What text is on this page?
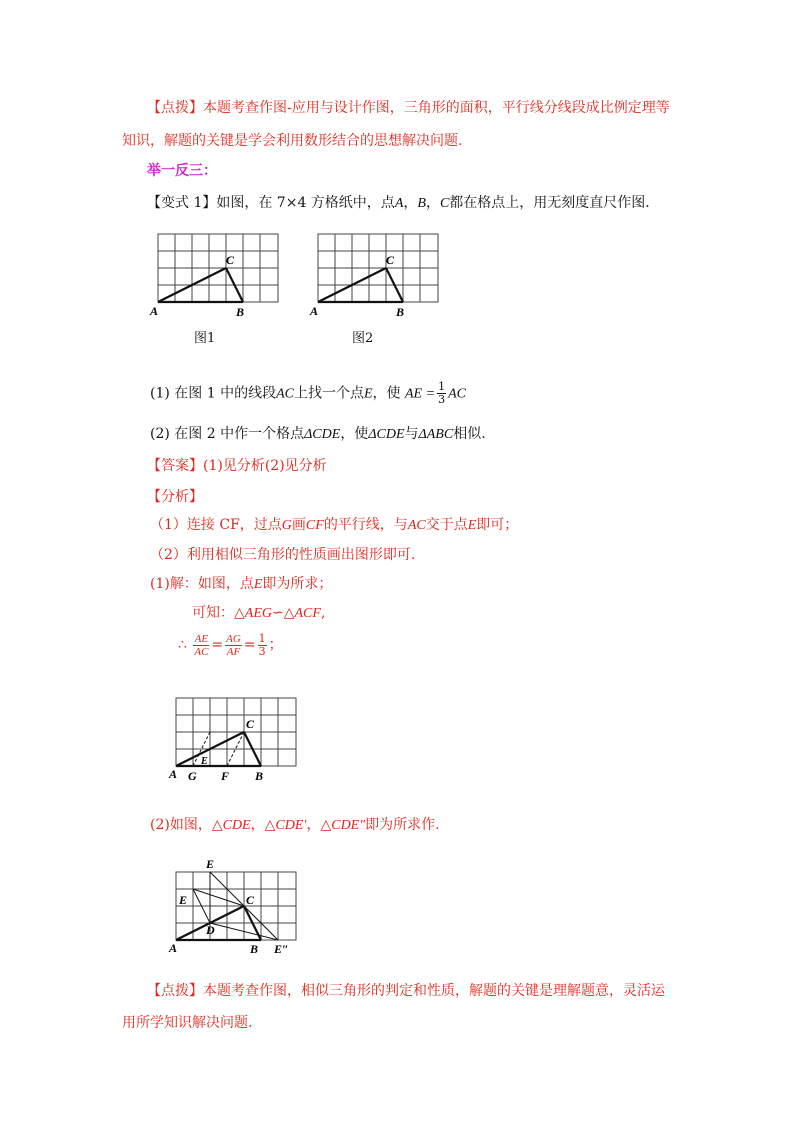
【点拨】本题考查作图-应用与设计作图，三角形的面积，平行线分线段成比例定理等
知识，解题的关键是学会利用数形结合的思想解决问题.
举一反三：
【变式 1】如图，在 7×4 方格纸中，点A，B，C都在格点上，用无刻度直尺作图.
A	B
C
图1
A	B
C
图2
(1) 在图 1 中的线段AC上找一个点E，使 AE = $\frac{1}{3}$ AC
(2) 在图 2 中作一个格点ΔCDE，使ΔCDE与ΔABC相似.
【答案】(1)见分析(2)见分析
【分析】
（1）连接 CF，过点G画CF的平行线，与AC交于点E即可；
（2）利用相似三角形的性质画出图形即可.
(1)解：如图，点E即为所求；
可知：△AEG∽△ACF,
∴ $\frac{AE}{AC} = \frac{AG}{AF} = \frac{1}{3}$ ；
A G F B
C
E
(2)如图，△CDE，△CDE′，△CDE″即为所求作.
A	B
C
D
E
E
E″
【点拨】本题考查作图，相似三角形的判定和性质，解题的关键是理解题意，灵活运
用所学知识解决问题.
